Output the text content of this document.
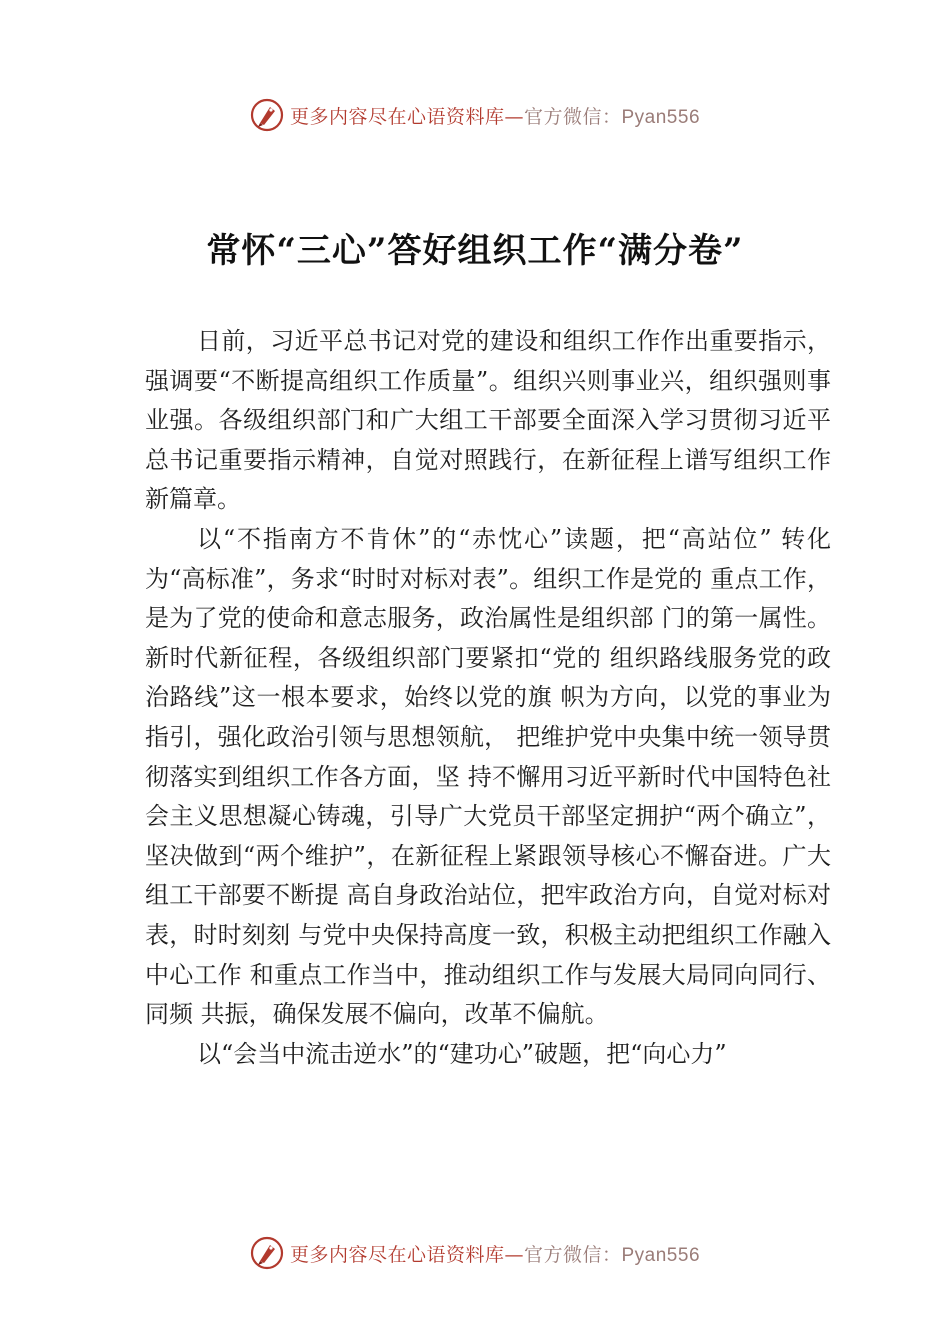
更多内容尽在心语资料库—官方微信：Pyan556
常怀“三心”答好组织工作“满分卷”

日前，习近平总书记对党的建设和组织工作作出重要指示，强调要“不断提高组织工作质量”。组织兴则事业兴，组织强则事业强。各级组织部门和广大组工干部要全面深入学习贯彻习近平总书记重要指示精神，自觉对照践行，在新征程上谱写组织工作新篇章。

以“不指南方不肯休”的“赤忱心”读题，把“高站位” 转化为“高标准”，务求“时时对标对表”。组织工作是党的 重点工作，是为了党的使命和意志服务，政治属性是组织部 门的第一属性。新时代新征程，各级组织部门要紧扣“党的 组织路线服务党的政治路线”这一根本要求，始终以党的旗 帜为方向，以党的事业为指引，强化政治引领与思想领航， 把维护党中央集中统一领导贯彻落实到组织工作各方面，坚 持不懈用习近平新时代中国特色社会主义思想凝心铸魂，引导广大党员干部坚定拥护“两个确立”，坚决做到“两个维护”，在新征程上紧跟领导核心不懈奋进。广大组工干部要不断提 高自身政治站位，把牢政治方向，自觉对标对表，时时刻刻 与党中央保持高度一致，积极主动把组织工作融入中心工作 和重点工作当中，推动组织工作与发展大局同向同行、同频 共振，确保发展不偏向，改革不偏航。

以“会当中流击逆水”的“建功心”破题，把“向心力”

更多内容尽在心语资料库—官方微信：Pyan556
